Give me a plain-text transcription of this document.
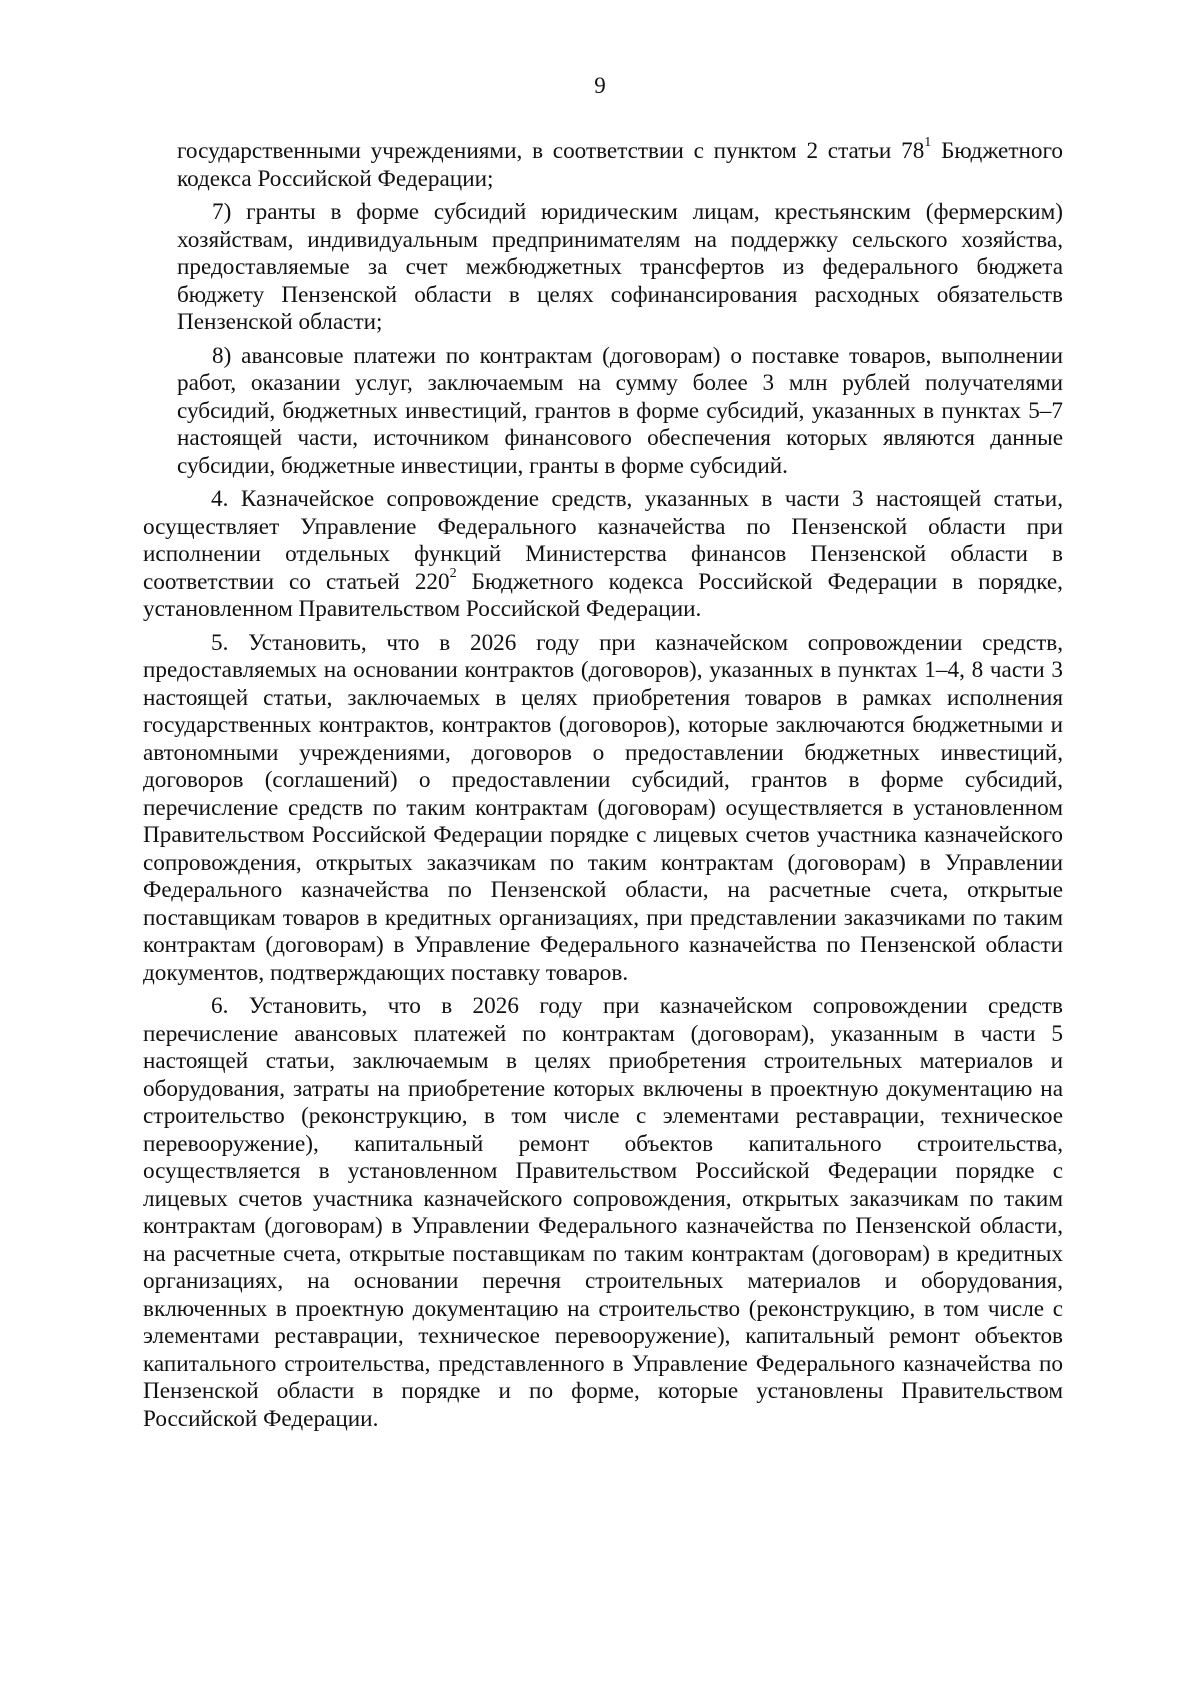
9

государственными учреждениями, в соответствии с пунктом 2 статьи $78^1$ Бюджетного кодекса Российской Федерации;

7) гранты в форме субсидий юридическим лицам, крестьянским (фермерским) хозяйствам, индивидуальным предпринимателям на поддержку сельского хозяйства, предоставляемые за счет межбюджетных трансфертов из федерального бюджета бюджету Пензенской области в целях софинансирования расходных обязательств Пензенской области;

8) авансовые платежи по контрактам (договорам) о поставке товаров, выполнении работ, оказании услуг, заключаемым на сумму более 3 млн рублей получателями субсидий, бюджетных инвестиций, грантов в форме субсидий, указанных в пунктах 5–7 настоящей части, источником финансового обеспечения которых являются данные субсидии, бюджетные инвестиции, гранты в форме субсидий.

4. Казначейское сопровождение средств, указанных в части 3 настоящей статьи, осуществляет Управление Федерального казначейства по Пензенской области при исполнении отдельных функций Министерства финансов Пензенской области в соответствии со статьей $220^2$ Бюджетного кодекса Российской Федерации в порядке, установленном Правительством Российской Федерации.

5. Установить, что в 2026 году при казначейском сопровождении средств, предоставляемых на основании контрактов (договоров), указанных в пунктах 1–4, 8 части 3 настоящей статьи, заключаемых в целях приобретения товаров в рамках исполнения государственных контрактов, контрактов (договоров), которые заключаются бюджетными и автономными учреждениями, договоров о предоставлении бюджетных инвестиций, договоров (соглашений) о предоставлении субсидий, грантов в форме субсидий, перечисление средств по таким контрактам (договорам) осуществляется в установленном Правительством Российской Федерации порядке с лицевых счетов участника казначейского сопровождения, открытых заказчикам по таким контрактам (договорам) в Управлении Федерального казначейства по Пензенской области, на расчетные счета, открытые поставщикам товаров в кредитных организациях, при представлении заказчиками по таким контрактам (договорам) в Управление Федерального казначейства по Пензенской области документов, подтверждающих поставку товаров.

6. Установить, что в 2026 году при казначейском сопровождении средств перечисление авансовых платежей по контрактам (договорам), указанным в части 5 настоящей статьи, заключаемым в целях приобретения строительных материалов и оборудования, затраты на приобретение которых включены в проектную документацию на строительство (реконструкцию, в том числе с элементами реставрации, техническое перевооружение), капитальный ремонт объектов капитального строительства, осуществляется в установленном Правительством Российской Федерации порядке с лицевых счетов участника казначейского сопровождения, открытых заказчикам по таким контрактам (договорам) в Управлении Федерального казначейства по Пензенской области, на расчетные счета, открытые поставщикам по таким контрактам (договорам) в кредитных организациях, на основании перечня строительных материалов и оборудования, включенных в проектную документацию на строительство (реконструкцию, в том числе с элементами реставрации, техническое перевооружение), капитальный ремонт объектов капитального строительства, представленного в Управление Федерального казначейства по Пензенской области в порядке и по форме, которые установлены Правительством Российской Федерации.
